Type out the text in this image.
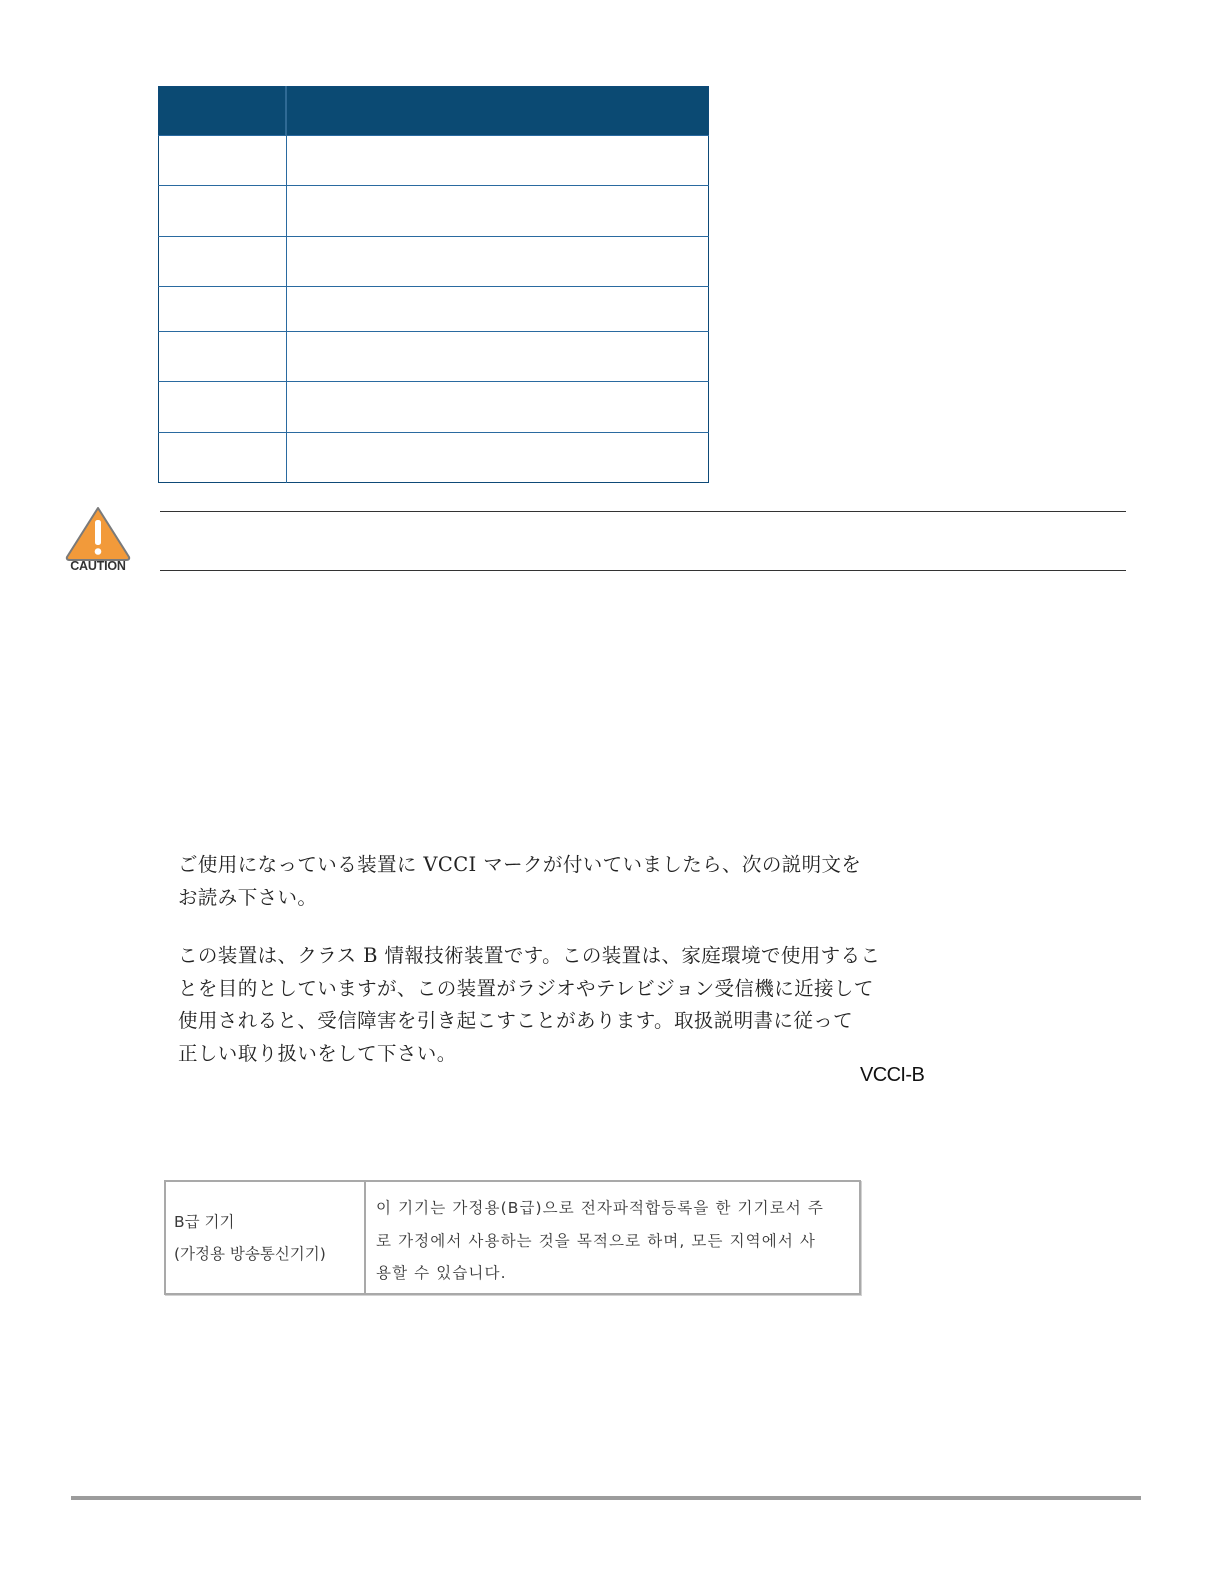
CAUTION

ご使用になっている装置に VCCI マークが付いていましたら、次の説明文を
お読み下さい。

この装置は、クラス B 情報技術装置です。この装置は、家庭環境で使用するこ
とを目的としていますが、この装置がラジオやテレビジョン受信機に近接して
使用されると、受信障害を引き起こすことがあります。取扱説明書に従って
正しい取り扱いをして下さい。

VCCI-B
B급 기기
(가정용 방송통신기기)	이 기기는 가정용(B급)으로 전자파적합등록을 한 기기로서 주
로 가정에서 사용하는 것을 목적으로 하며, 모든 지역에서 사
용할 수 있습니다.
